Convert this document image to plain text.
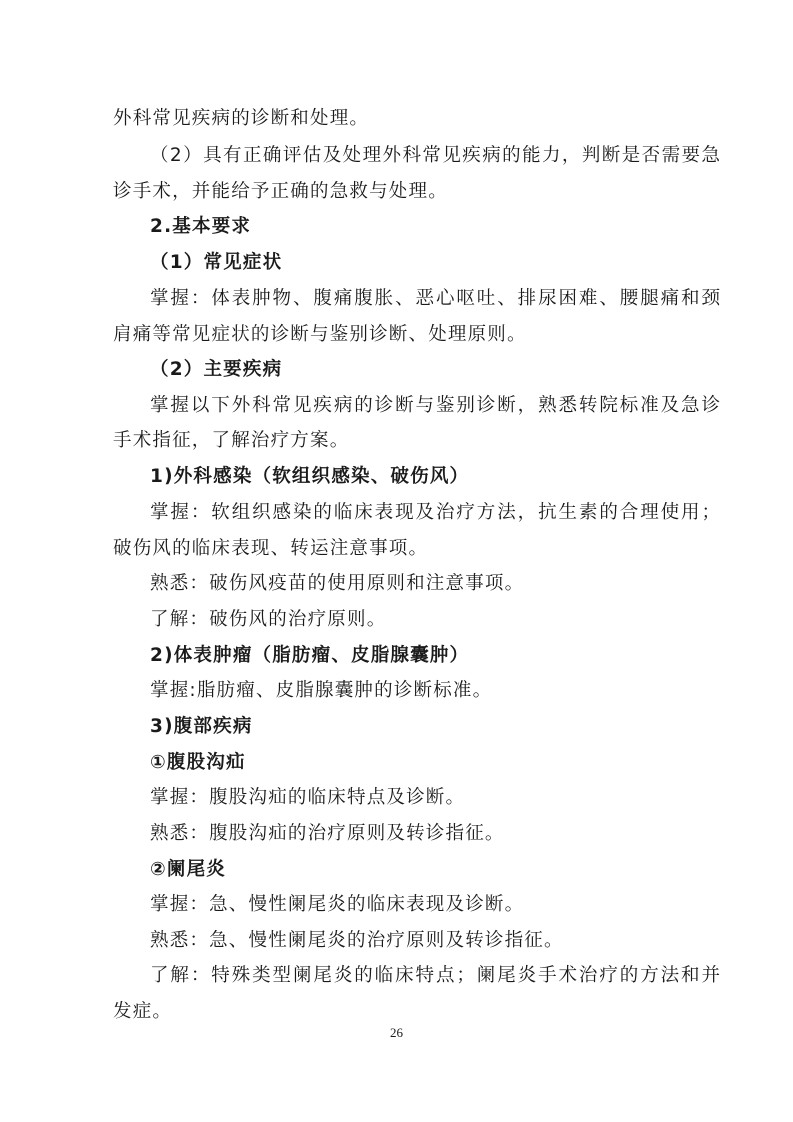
外科常见疾病的诊断和处理。
（2）具有正确评估及处理外科常见疾病的能力，判断是否需要急
诊手术，并能给予正确的急救与处理。
2.基本要求
（1）常见症状
掌握：体表肿物、腹痛腹胀、恶心呕吐、排尿困难、腰腿痛和颈
肩痛等常见症状的诊断与鉴别诊断、处理原则。
（2）主要疾病
掌握以下外科常见疾病的诊断与鉴别诊断，熟悉转院标准及急诊
手术指征，了解治疗方案。
1)外科感染（软组织感染、破伤风）
掌握：软组织感染的临床表现及治疗方法，抗生素的合理使用；
破伤风的临床表现、转运注意事项。
熟悉：破伤风疫苗的使用原则和注意事项。
了解：破伤风的治疗原则。
2)体表肿瘤（脂肪瘤、皮脂腺囊肿）
掌握:脂肪瘤、皮脂腺囊肿的诊断标准。
3)腹部疾病
①腹股沟疝
掌握：腹股沟疝的临床特点及诊断。
熟悉：腹股沟疝的治疗原则及转诊指征。
②阑尾炎
掌握：急、慢性阑尾炎的临床表现及诊断。
熟悉：急、慢性阑尾炎的治疗原则及转诊指征。
了解：特殊类型阑尾炎的临床特点；阑尾炎手术治疗的方法和并
发症。
26
